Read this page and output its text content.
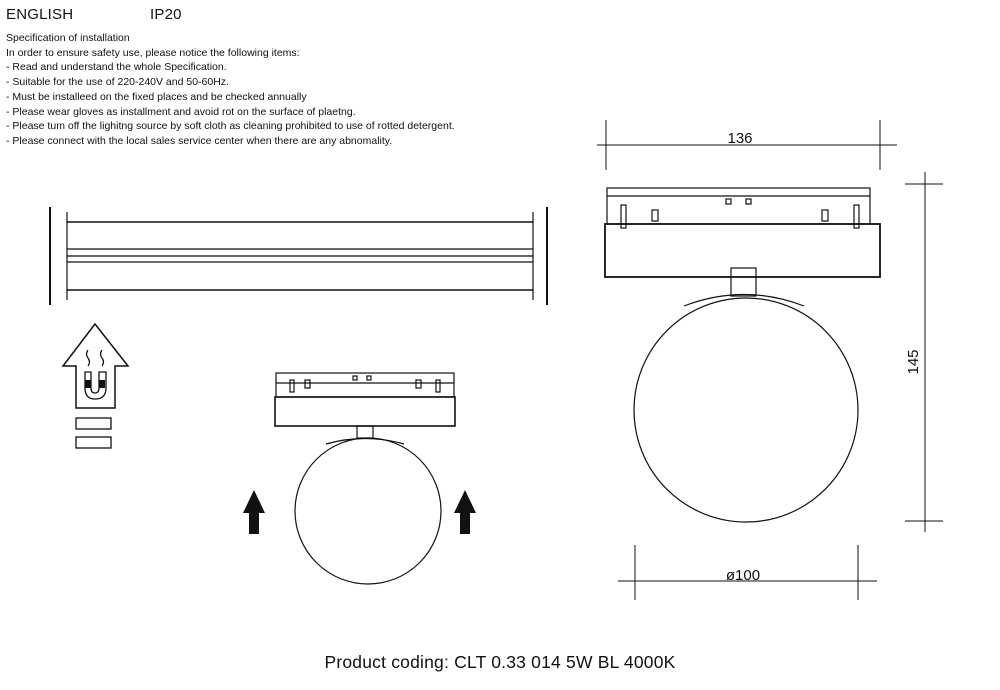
ENGLISH	IP20
Specification of installation
In order to ensure safety use, please notice the following items:
- Read and understand the whole Specification.
- Suitable for the use of 220-240V and 50-60Hz.
- Must be installeed on the fixed places and be checked annually
- Please wear gloves as installment and avoid rot on the surface of plaetng.
- Please tum off the lighitng source by soft cloth as cleaning prohibited to use of rotted detergent.
- Please connect with the local sales service center when there are any abnomality.	136
145
ø100
Product coding: CLT 0.33 014 5W BL 4000K
